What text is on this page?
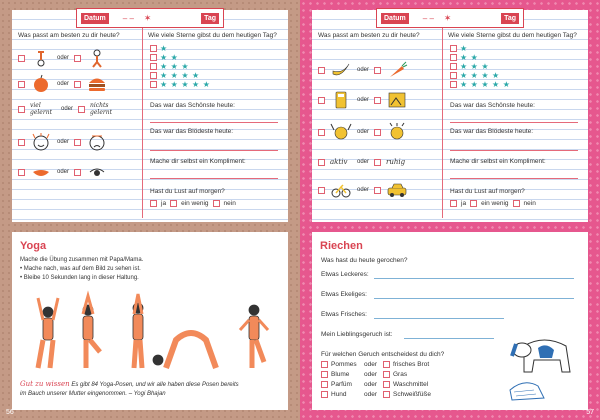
Datum	– – ✶	Tag
Was passt am besten zu dir heute?	Wie viele Sterne gibst du dem heutigen Tag?
oder
oder
viel gelernt	oder	nichts gelernt
oder
oder
★
★ ★
★ ★ ★
★ ★ ★ ★
★ ★ ★ ★ ★
Das war das Schönste heute:
Das war das Blödeste heute:
Mache dir selbst ein Kompliment:
Hast du Lust auf morgen?
ja ein wenig nein
Yoga
Mache die Übung zusammen mit Papa/Mama.
• Mache nach, was auf dem Bild zu sehen ist.
• Bleibe 10 Sekunden lang in dieser Haltung.
Gut zu wissen Es gibt 84 Yoga-Posen, und wir alle haben diese Posen bereits
im Bauch unserer Mutter eingenommen. – Yogi Bhajan
56
Datum	– – ✶	Tag
Was passt am besten zu dir heute?	Wie viele Sterne gibst du dem heutigen Tag?
oder
oder
oder
aktiv	oder ruhig
oder
★
★ ★
★ ★ ★
★ ★ ★ ★
★ ★ ★ ★ ★
Das war das Schönste heute:
Das war das Blödeste heute:
Mache dir selbst ein Kompliment:
Hast du Lust auf morgen?
ja ein wenig nein
Riechen
Was hast du heute gerochen?
Etwas Leckeres:
Etwas Ekeliges:
Etwas Frisches:
Mein Lieblingsgeruch ist:
Für welchen Geruch entscheidest du dich?
Pommes	oder	frisches Brot
Blume	oder	Gras
Parfüm	oder	Waschmittel
Hund	oder	Schweißfüße
57
